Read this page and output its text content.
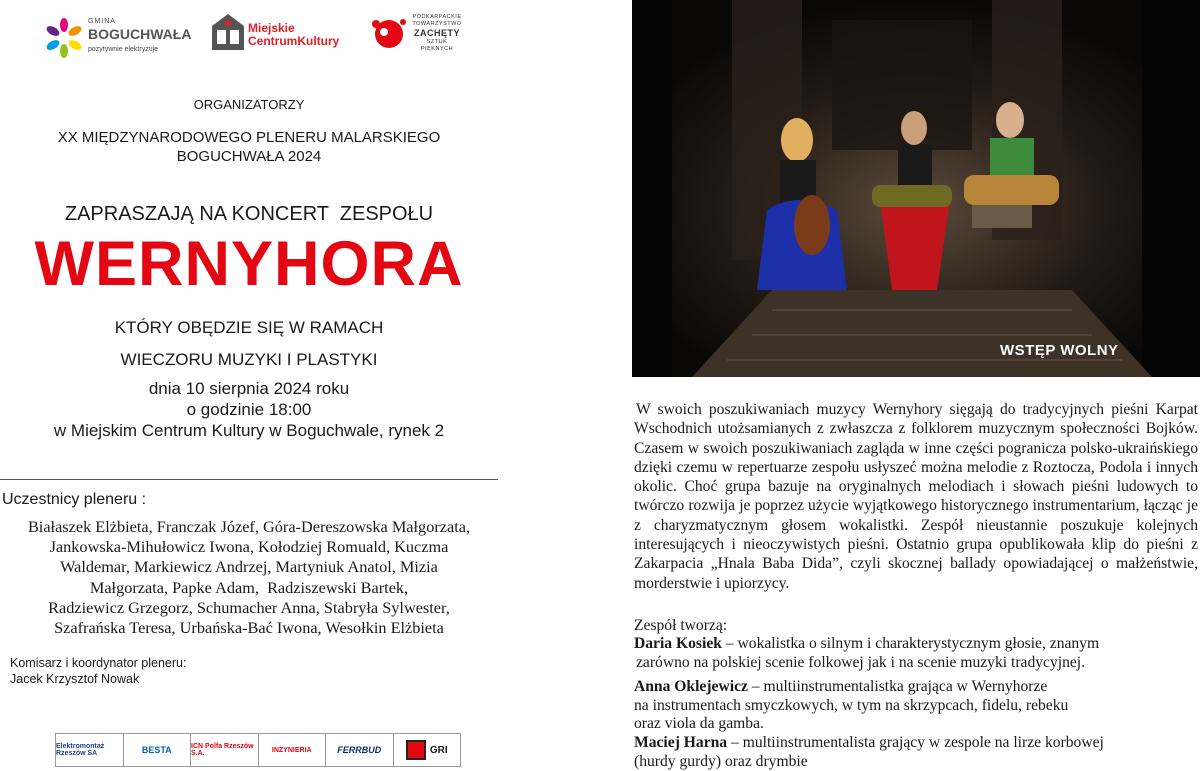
GMINA
BOGUCHWAŁA
pozytywnie elektryzuje
Miejskie
CentrumKultury
PODKARPACKIE
TOWARZYSTWO
ZACHĘTY
SZTUK PIĘKNYCH
ORGANIZATORZY
XX MIĘDZYNARODOWEGO PLENERU MALARSKIEGO
BOGUCHWAŁA 2024
ZAPRASZAJĄ NA KONCERT  ZESPOŁU
WERNYHORA
KTÓRY OBĘDZIE SIĘ W RAMACH
WIECZORU MUZYKI I PLASTYKI
dnia 10 sierpnia 2024 roku
o godzinie 18:00
w Miejskim Centrum Kultury w Boguchwale, rynek 2
Uczestnicy pleneru :
Białaszek Elżbieta, Franczak Józef, Góra-Dereszowska Małgorzata,
Jankowska-Mihułowicz Iwona, Kołodziej Romuald, Kuczma
Waldemar, Markiewicz Andrzej, Martyniuk Anatol, Mizia
Małgorzata, Papke Adam,  Radziszewski Bartek,
Radziewicz Grzegorz, Schumacher Anna, Stabryła Sylwester,
Szafrańska Teresa, Urbańska-Bać Iwona, Wesołkin Elżbieta
Komisarz i koordynator pleneru:
Jacek Krzysztof Nowak
Elektromontaż Rzeszów SA	BESTA	ICN Polfa Rzeszów S.A.	INŻYNIERIA	FERRBUD	GRI
WSTĘP WOLNY
W swoich poszukiwaniach muzycy Wernyhory sięgają do tradycyjnych pieśni Karpat Wschodnich utożsamianych z zwłaszcza z folklorem muzycznym społeczności Bojków. Czasem w swoich poszukiwaniach zagląda w inne części pogranicza polsko-ukraińskiego dzięki czemu w repertuarze zespołu usłyszeć można melodie z Roztocza, Podola i innych okolic. Choć grupa bazuje na oryginalnych melodiach i słowach pieśni ludowych to twórczo rozwija je poprzez użycie wyjątkowego historycznego instrumentarium, łącząc je z charyzmatycznym głosem wokalistki. Zespół nieustannie poszukuje kolejnych interesujących i nieoczywistych pieśni. Ostatnio grupa opublikowała klip do pieśni z Zakarpacia „Hnala Baba Dida”, czyli skocznej ballady opowiadającej o małżeństwie, morderstwie i upiorzycy.
Zespół tworzą:
Daria Kosiek – wokalistka o silnym i charakterystycznym głosie, znanym
zarówno na polskiej scenie folkowej jak i na scenie muzyki tradycyjnej.
Anna Oklejewicz – multiinstrumentalistka grająca w Wernyhorze
na instrumentach smyczkowych, w tym na skrzypcach, fidelu, rebeku
oraz viola da gamba.
Maciej Harna – multiinstrumentalista grający w zespole na lirze korbowej
(hurdy gurdy) oraz drymbie
